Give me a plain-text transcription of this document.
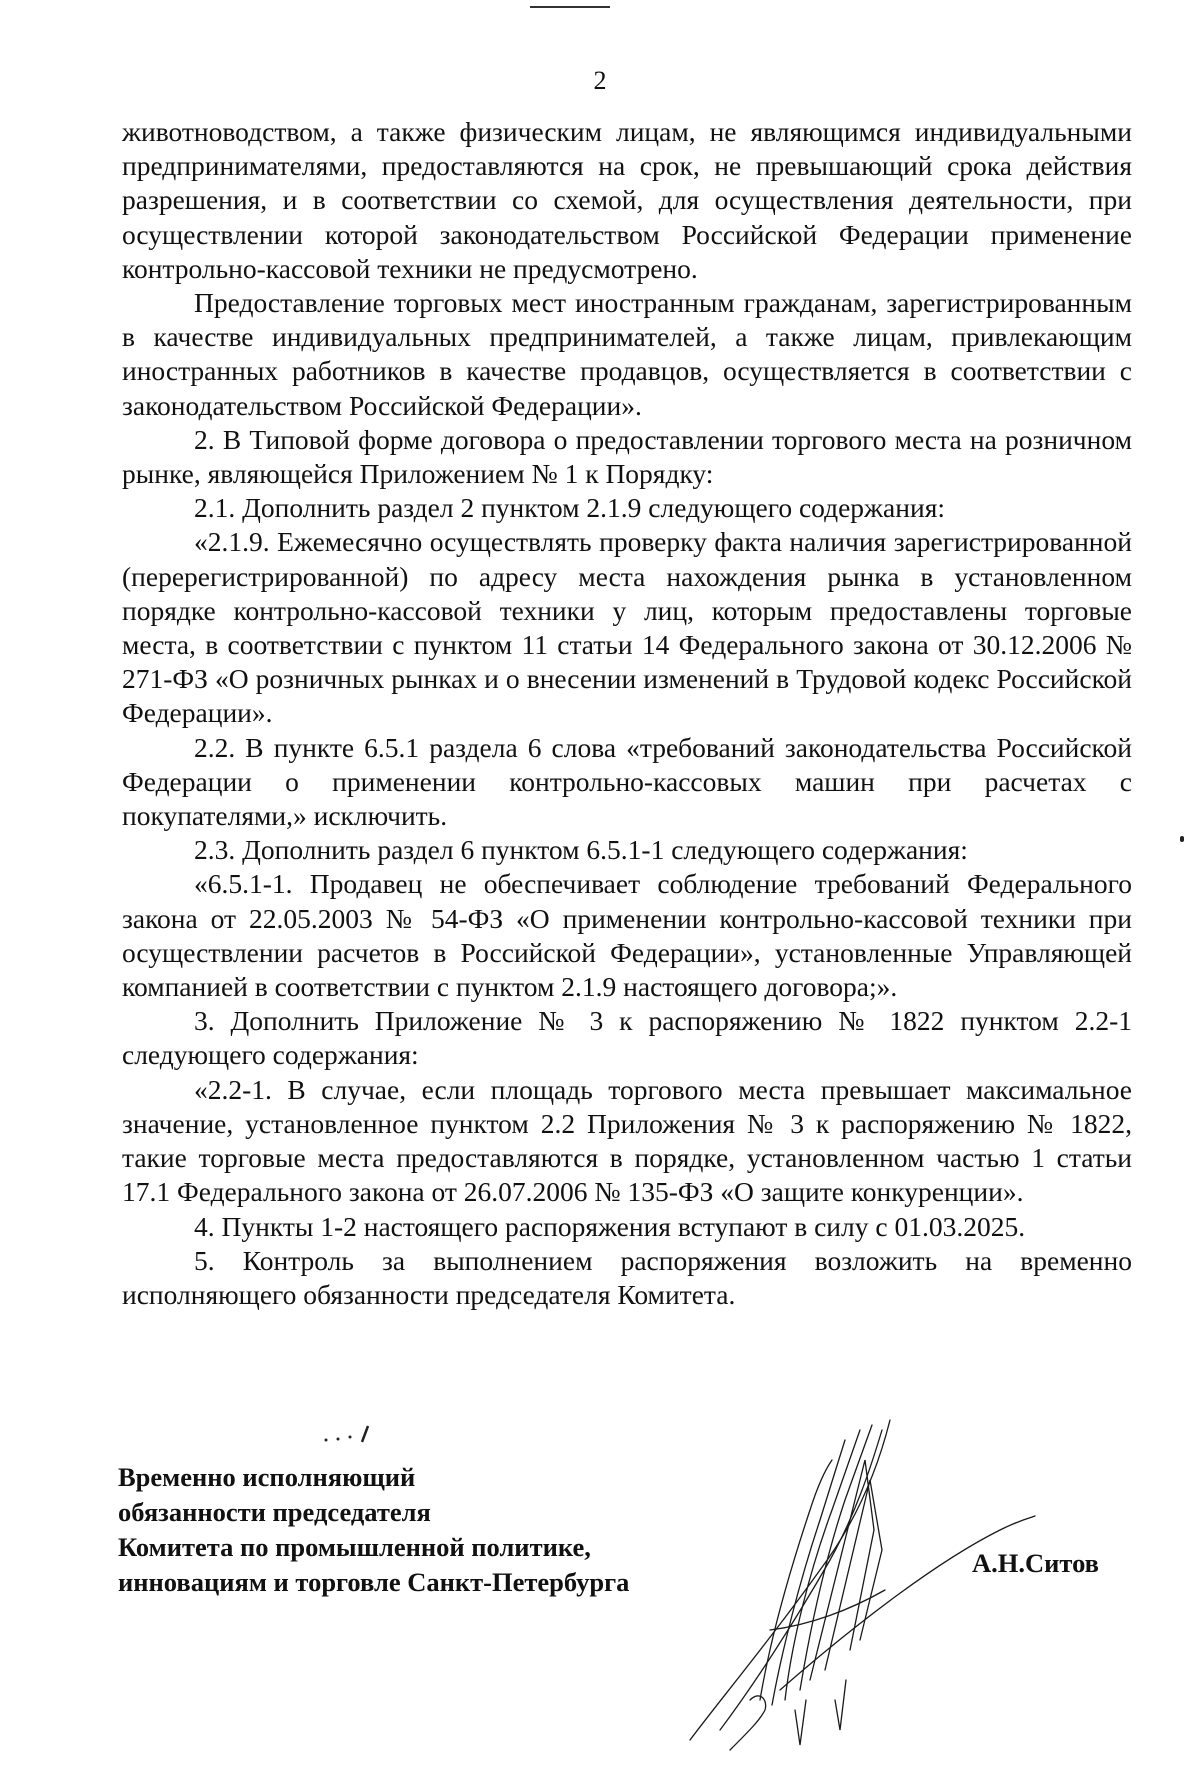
2

животноводством, а также физическим лицам, не являющимся индивидуальными предпринимателями, предоставляются на срок, не превышающий срока действия разрешения, и в соответствии со схемой, для осуществления деятельности, при осуществлении которой законодательством Российской Федерации применение контрольно-кассовой техники не предусмотрено.

Предоставление торговых мест иностранным гражданам, зарегистрированным в качестве индивидуальных предпринимателей, а также лицам, привлекающим иностранных работников в качестве продавцов, осуществляется в соответствии с законодательством Российской Федерации».

2. В Типовой форме договора о предоставлении торгового места на розничном рынке, являющейся Приложением № 1 к Порядку:

2.1. Дополнить раздел 2 пунктом 2.1.9 следующего содержания:

«2.1.9. Ежемесячно осуществлять проверку факта наличия зарегистрированной (перерегистрированной) по адресу места нахождения рынка в установленном порядке контрольно-кассовой техники у лиц, которым предоставлены торговые места, в соответствии с пунктом 11 статьи 14 Федерального закона от 30.12.2006 № 271-ФЗ «О розничных рынках и о внесении изменений в Трудовой кодекс Российской Федерации».

2.2. В пункте 6.5.1 раздела 6 слова «требований законодательства Российской Федерации о применении контрольно-кассовых машин при расчетах с покупателями,» исключить.

2.3. Дополнить раздел 6 пунктом 6.5.1-1 следующего содержания:

«6.5.1-1. Продавец не обеспечивает соблюдение требований Федерального закона от 22.05.2003 № 54-ФЗ «О применении контрольно-кассовой техники при осуществлении расчетов в Российской Федерации», установленные Управляющей компанией в соответствии с пунктом 2.1.9 настоящего договора;».

3. Дополнить Приложение № 3 к распоряжению № 1822 пунктом 2.2-1 следующего содержания:

«2.2-1. В случае, если площадь торгового места превышает максимальное значение, установленное пунктом 2.2 Приложения № 3 к распоряжению № 1822, такие торговые места предоставляются в порядке, установленном частью 1 статьи 17.1 Федерального закона от 26.07.2006 № 135-ФЗ «О защите конкуренции».

4. Пункты 1-2 настоящего распоряжения вступают в силу с 01.03.2025.

5. Контроль за выполнением распоряжения возложить на временно исполняющего обязанности председателя Комитета.

Временно исполняющий
обязанности председателя
Комитета по промышленной политике,
инновациям и торговле Санкт-Петербурга
А.Н.Ситов
